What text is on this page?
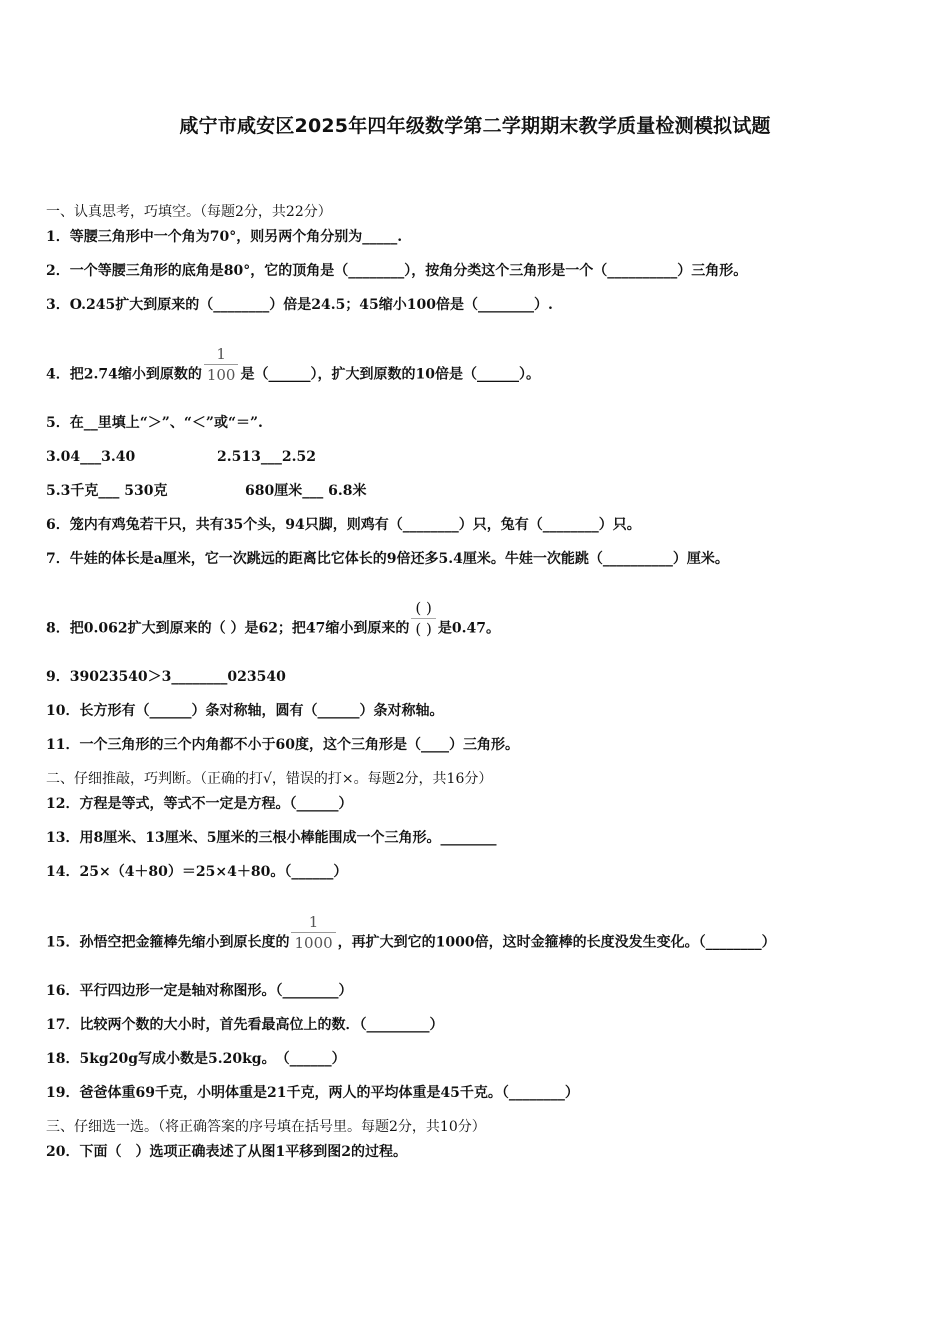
咸宁市咸安区2025年四年级数学第二学期期末教学质量检测模拟试题
一、认真思考，巧填空。（每题2分，共22分）
1．等腰三角形中一个角为70°，则另两个角分别为_____.
2．一个等腰三角形的底角是80°，它的顶角是（________），按角分类这个三角形是一个（__________）三角形。
3．O.245扩大到原来的（________）倍是24.5；45缩小100倍是（________）.
4．把2.74缩小到原数的 $\frac{1}{100}$ 是（______），扩大到原数的10倍是（______）。
5．在__里填上“＞”、“＜”或“＝”.
3.04___3.40	2.513___2.52
5.3千克___ 530克	680厘米___ 6.8米
6．笼内有鸡兔若干只，共有35个头，94只脚，则鸡有（________）只，兔有（________）只。
7．牛娃的体长是a厘米，它一次跳远的距离比它体长的9倍还多5.4厘米。牛娃一次能跳（__________）厘米。
8．把0.062扩大到原来的（ ）是62；把47缩小到原来的 $\frac{( )}{( )}$ 是0.47。
9．39023540＞3________023540
10．长方形有（______）条对称轴，圆有（______）条对称轴。
11．一个三角形的三个内角都不小于60度，这个三角形是（____）三角形。
二、仔细推敲，巧判断。（正确的打√，错误的打×。每题2分，共16分）
12．方程是等式，等式不一定是方程。（______）
13．用8厘米、13厘米、5厘米的三根小棒能围成一个三角形。________
14．25×（4＋80）＝25×4＋80。（______）
15．孙悟空把金箍棒先缩小到原长度的 $\frac{1}{1000}$ ，再扩大到它的1000倍，这时金箍棒的长度没发生变化。（________）
16．平行四边形一定是轴对称图形。（________）
17．比较两个数的大小时，首先看最高位上的数．（_________）
18．5kg20g写成小数是5.20kg。　（______）
19．爸爸体重69千克，小明体重是21千克，两人的平均体重是45千克。（________）
三、仔细选一选。（将正确答案的序号填在括号里。每题2分，共10分）
20．下面（　）选项正确表述了从图1平移到图2的过程。
